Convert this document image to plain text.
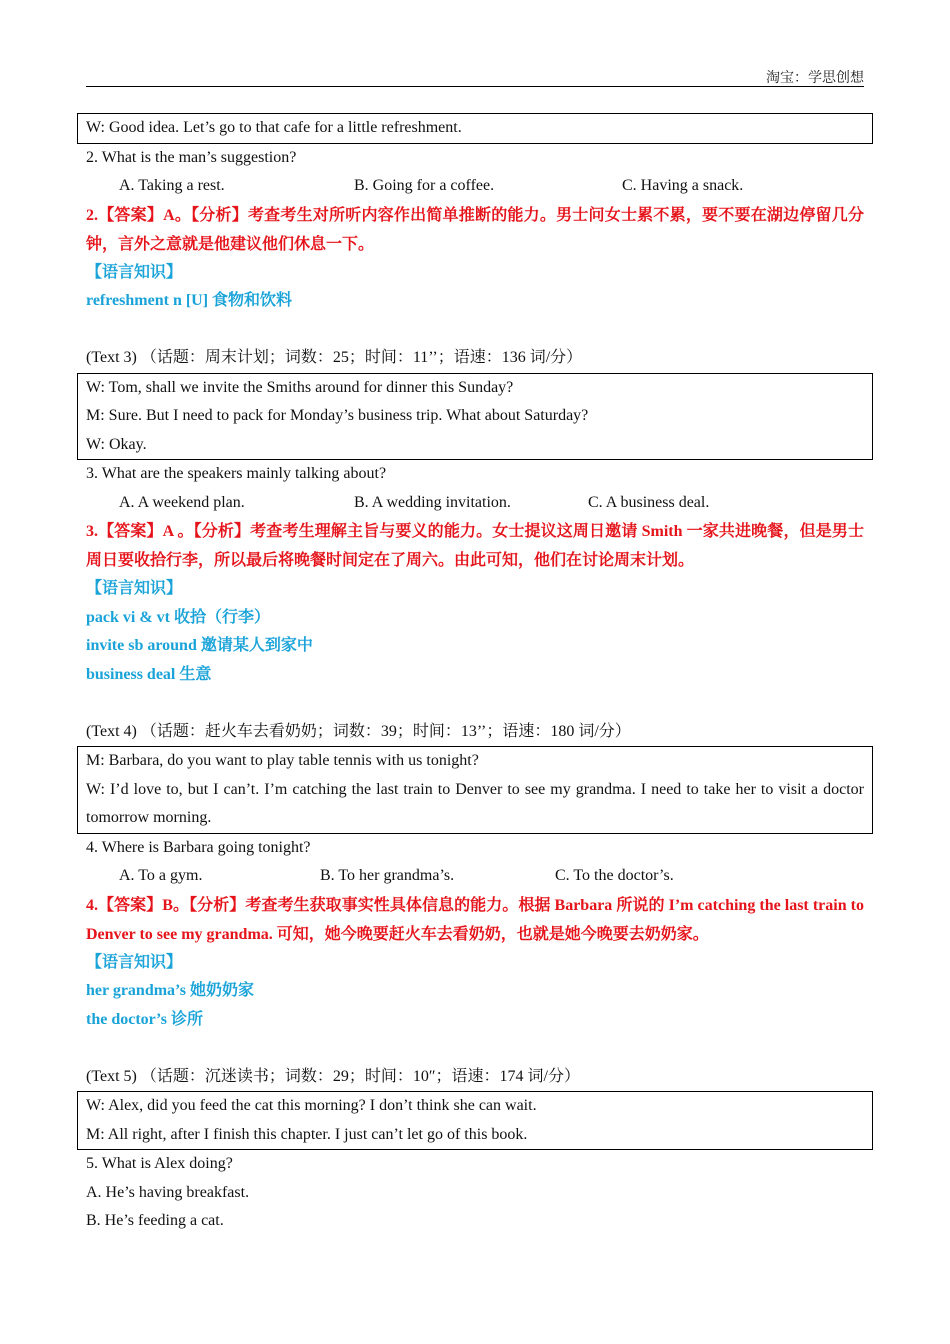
淘宝：学思创想
W: Good idea. Let’s go to that cafe for a little refreshment.
2. What is the man’s suggestion?
A. Taking a rest.	B. Going for a coffee.	C. Having a snack.
2.【答案】A。【分析】考查考生对所听内容作出简单推断的能力。男士问女士累不累，要不要在湖边停留几分钟，言外之意就是他建议他们休息一下。
【语言知识】
refreshment n [U] 食物和饮料
(Text 3) （话题：周末计划；词数：25；时间：11’’；语速：136 词/分）
W: Tom, shall we invite the Smiths around for dinner this Sunday?
M: Sure. But I need to pack for Monday’s business trip. What about Saturday?
W: Okay.
3. What are the speakers mainly talking about?
A. A weekend plan.	B. A wedding invitation.	C. A business deal.
3.【答案】A 。【分析】考查考生理解主旨与要义的能力。女士提议这周日邀请 Smith 一家共进晚餐，但是男士周日要收拾行李，所以最后将晚餐时间定在了周六。由此可知，他们在讨论周末计划。
【语言知识】
pack vi & vt 收拾（行李）
invite sb around 邀请某人到家中
business deal 生意
(Text 4) （话题：赶火车去看奶奶；词数：39；时间：13’’；语速：180 词/分）
M: Barbara, do you want to play table tennis with us tonight?
W: I’d love to, but I can’t. I’m catching the last train to Denver to see my grandma. I need to take her to visit a doctor tomorrow morning.
4. Where is Barbara going tonight?
A. To a gym.	B. To her grandma’s.	C. To the doctor’s.
4.【答案】B。【分析】考查考生获取事实性具体信息的能力。根据 Barbara 所说的 I’m catching the last train to Denver to see my grandma. 可知，她今晚要赶火车去看奶奶，也就是她今晚要去奶奶家。
【语言知识】
her grandma’s 她奶奶家
the doctor’s 诊所
(Text 5) （话题：沉迷读书；词数：29；时间：10″；语速：174 词/分）
W: Alex, did you feed the cat this morning? I don’t think she can wait.
M: All right, after I finish this chapter. I just can’t let go of this book.
5. What is Alex doing?
A. He’s having breakfast.
B. He’s feeding a cat.
